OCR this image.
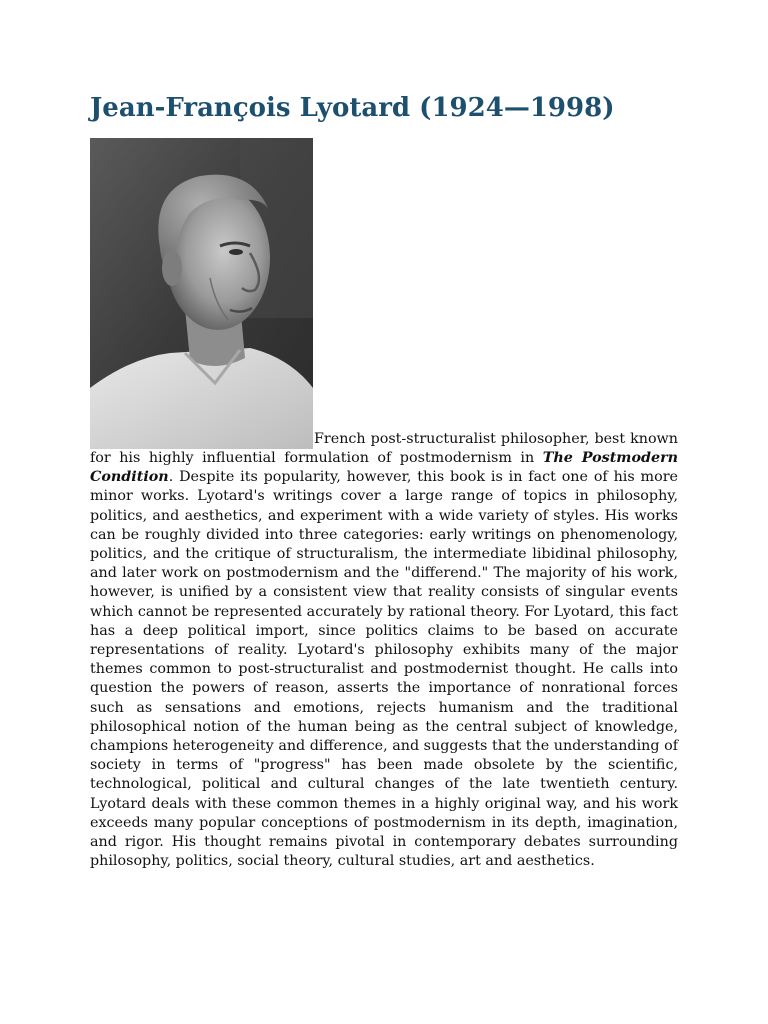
Jean-François Lyotard (1924—1998)

French post-structuralist philosopher, best known for his highly influential formulation of postmodernism in The Postmodern Condition. Despite its popularity, however, this book is in fact one of his more minor works. Lyotard's writings cover a large range of topics in philosophy, politics, and aesthetics, and experiment with a wide variety of styles. His works can be roughly divided into three categories: early writings on phenomenology, politics, and the critique of structuralism, the intermediate libidinal philosophy, and later work on postmodernism and the "differend." The majority of his work, however, is unified by a consistent view that reality consists of singular events which cannot be represented accurately by rational theory. For Lyotard, this fact has a deep political import, since politics claims to be based on accurate representations of reality. Lyotard's philosophy exhibits many of the major themes common to post-structuralist and postmodernist thought. He calls into question the powers of reason, asserts the importance of nonrational forces such as sensations and emotions, rejects humanism and the traditional philosophical notion of the human being as the central subject of knowledge, champions heterogeneity and difference, and suggests that the understanding of society in terms of "progress" has been made obsolete by the scientific, technological, political and cultural changes of the late twentieth century. Lyotard deals with these common themes in a highly original way, and his work exceeds many popular conceptions of postmodernism in its depth, imagination, and rigor. His thought remains pivotal in contemporary debates surrounding philosophy, politics, social theory, cultural studies, art and aesthetics.
